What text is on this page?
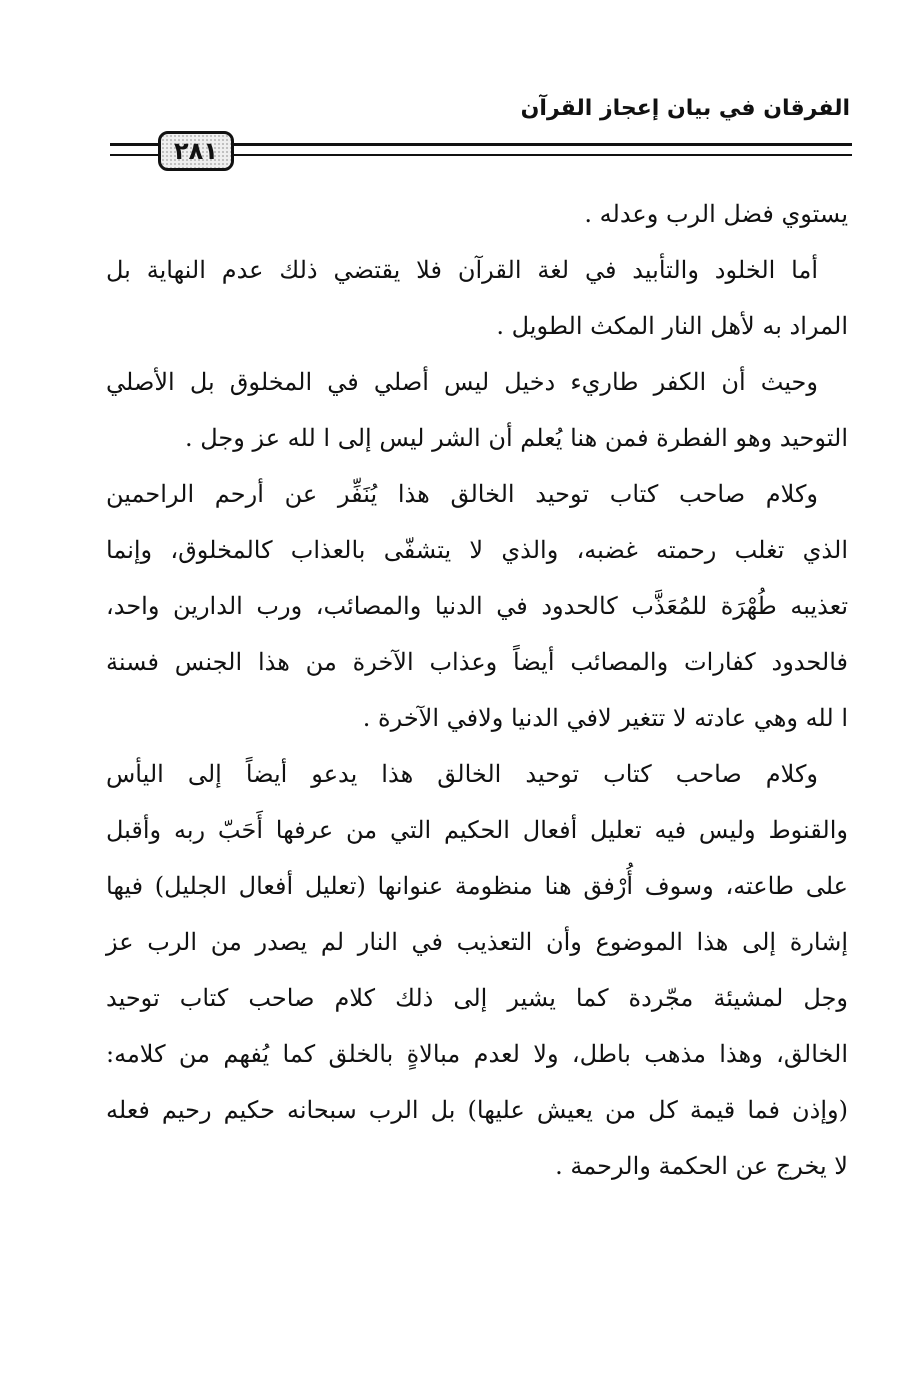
الفرقان في بيان إعجاز القرآن
٢٨١
يستوي فضل الرب وعدله .
أما الخلود والتأبيد في لغة القرآن فلا يقتضي ذلك عدم النهاية بل
المراد به لأهل النار المكث الطويل .
وحيث أن الكفر طاريء دخيل ليس أصلي في المخلوق بل الأصلي
التوحيد وهو الفطرة فمن هنا يُعلم أن الشر ليس إلى ا لله عز وجل .
وكلام صاحب كتاب توحيد الخالق هذا يُنَفِّر عن أرحم الراحمين
الذي تغلب رحمته غضبه، والذي لا يتشفّى بالعذاب كالمخلوق، وإنما
تعذيبه طُهْرَة للمُعَذَّب كالحدود في الدنيا والمصائب، ورب الدارين واحد،
فالحدود كفارات والمصائب أيضاً وعذاب الآخرة من هذا الجنس فسنة
ا لله وهي عادته لا تتغير لافي الدنيا ولافي الآخرة .
وكلام صاحب كتاب توحيد الخالق هذا يدعو أيضاً إلى اليأس
والقنوط وليس فيه تعليل أفعال الحكيم التي من عرفها أَحَبّ ربه وأقبل
على طاعته، وسوف أُرْفق هنا منظومة عنوانها (تعليل أفعال الجليل) فيها
إشارة إلى هذا الموضوع وأن التعذيب في النار لم يصدر من الرب عز
وجل لمشيئة مجّردة كما يشير إلى ذلك كلام صاحب كتاب توحيد
الخالق، وهذا مذهب باطل، ولا لعدم مبالاةٍ بالخلق كما يُفهم من كلامه:
(وإذن فما قيمة كل من يعيش عليها) بل الرب سبحانه حكيم رحيم فعله
لا يخرج عن الحكمة والرحمة .
